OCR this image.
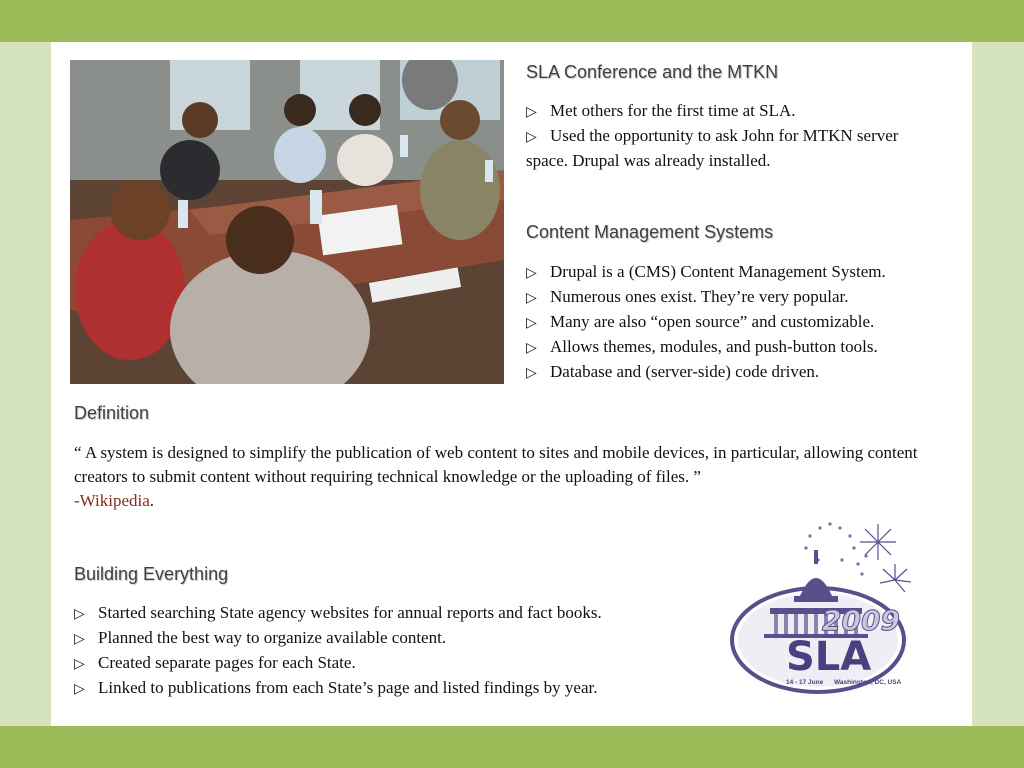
SLA Conference and the MTKN
▷ Met others for the first time at SLA.
▷ Used the opportunity to ask John for MTKN server space. Drupal was already installed.
Content Management Systems
▷ Drupal is a (CMS) Content Management System.
▷ Numerous ones exist. They’re very popular.
▷ Many are also “open source” and customizable.
▷ Allows themes, modules, and push-button tools.
▷ Database and (server-side) code driven.
Definition

“ A system is designed to simplify the publication of web content to sites and mobile devices, in particular, allowing content creators to submit content without requiring technical knowledge or the uploading of files. ”

-Wikipedia.

Building Everything
▷ Started searching State agency websites for annual reports and fact books.
▷ Planned the best way to organize available content.
▷ Created separate pages for each State.
▷ Linked to publications from each State’s page and listed findings by year.
2009
SLA
14 - 17 June Washington, DC, USA
